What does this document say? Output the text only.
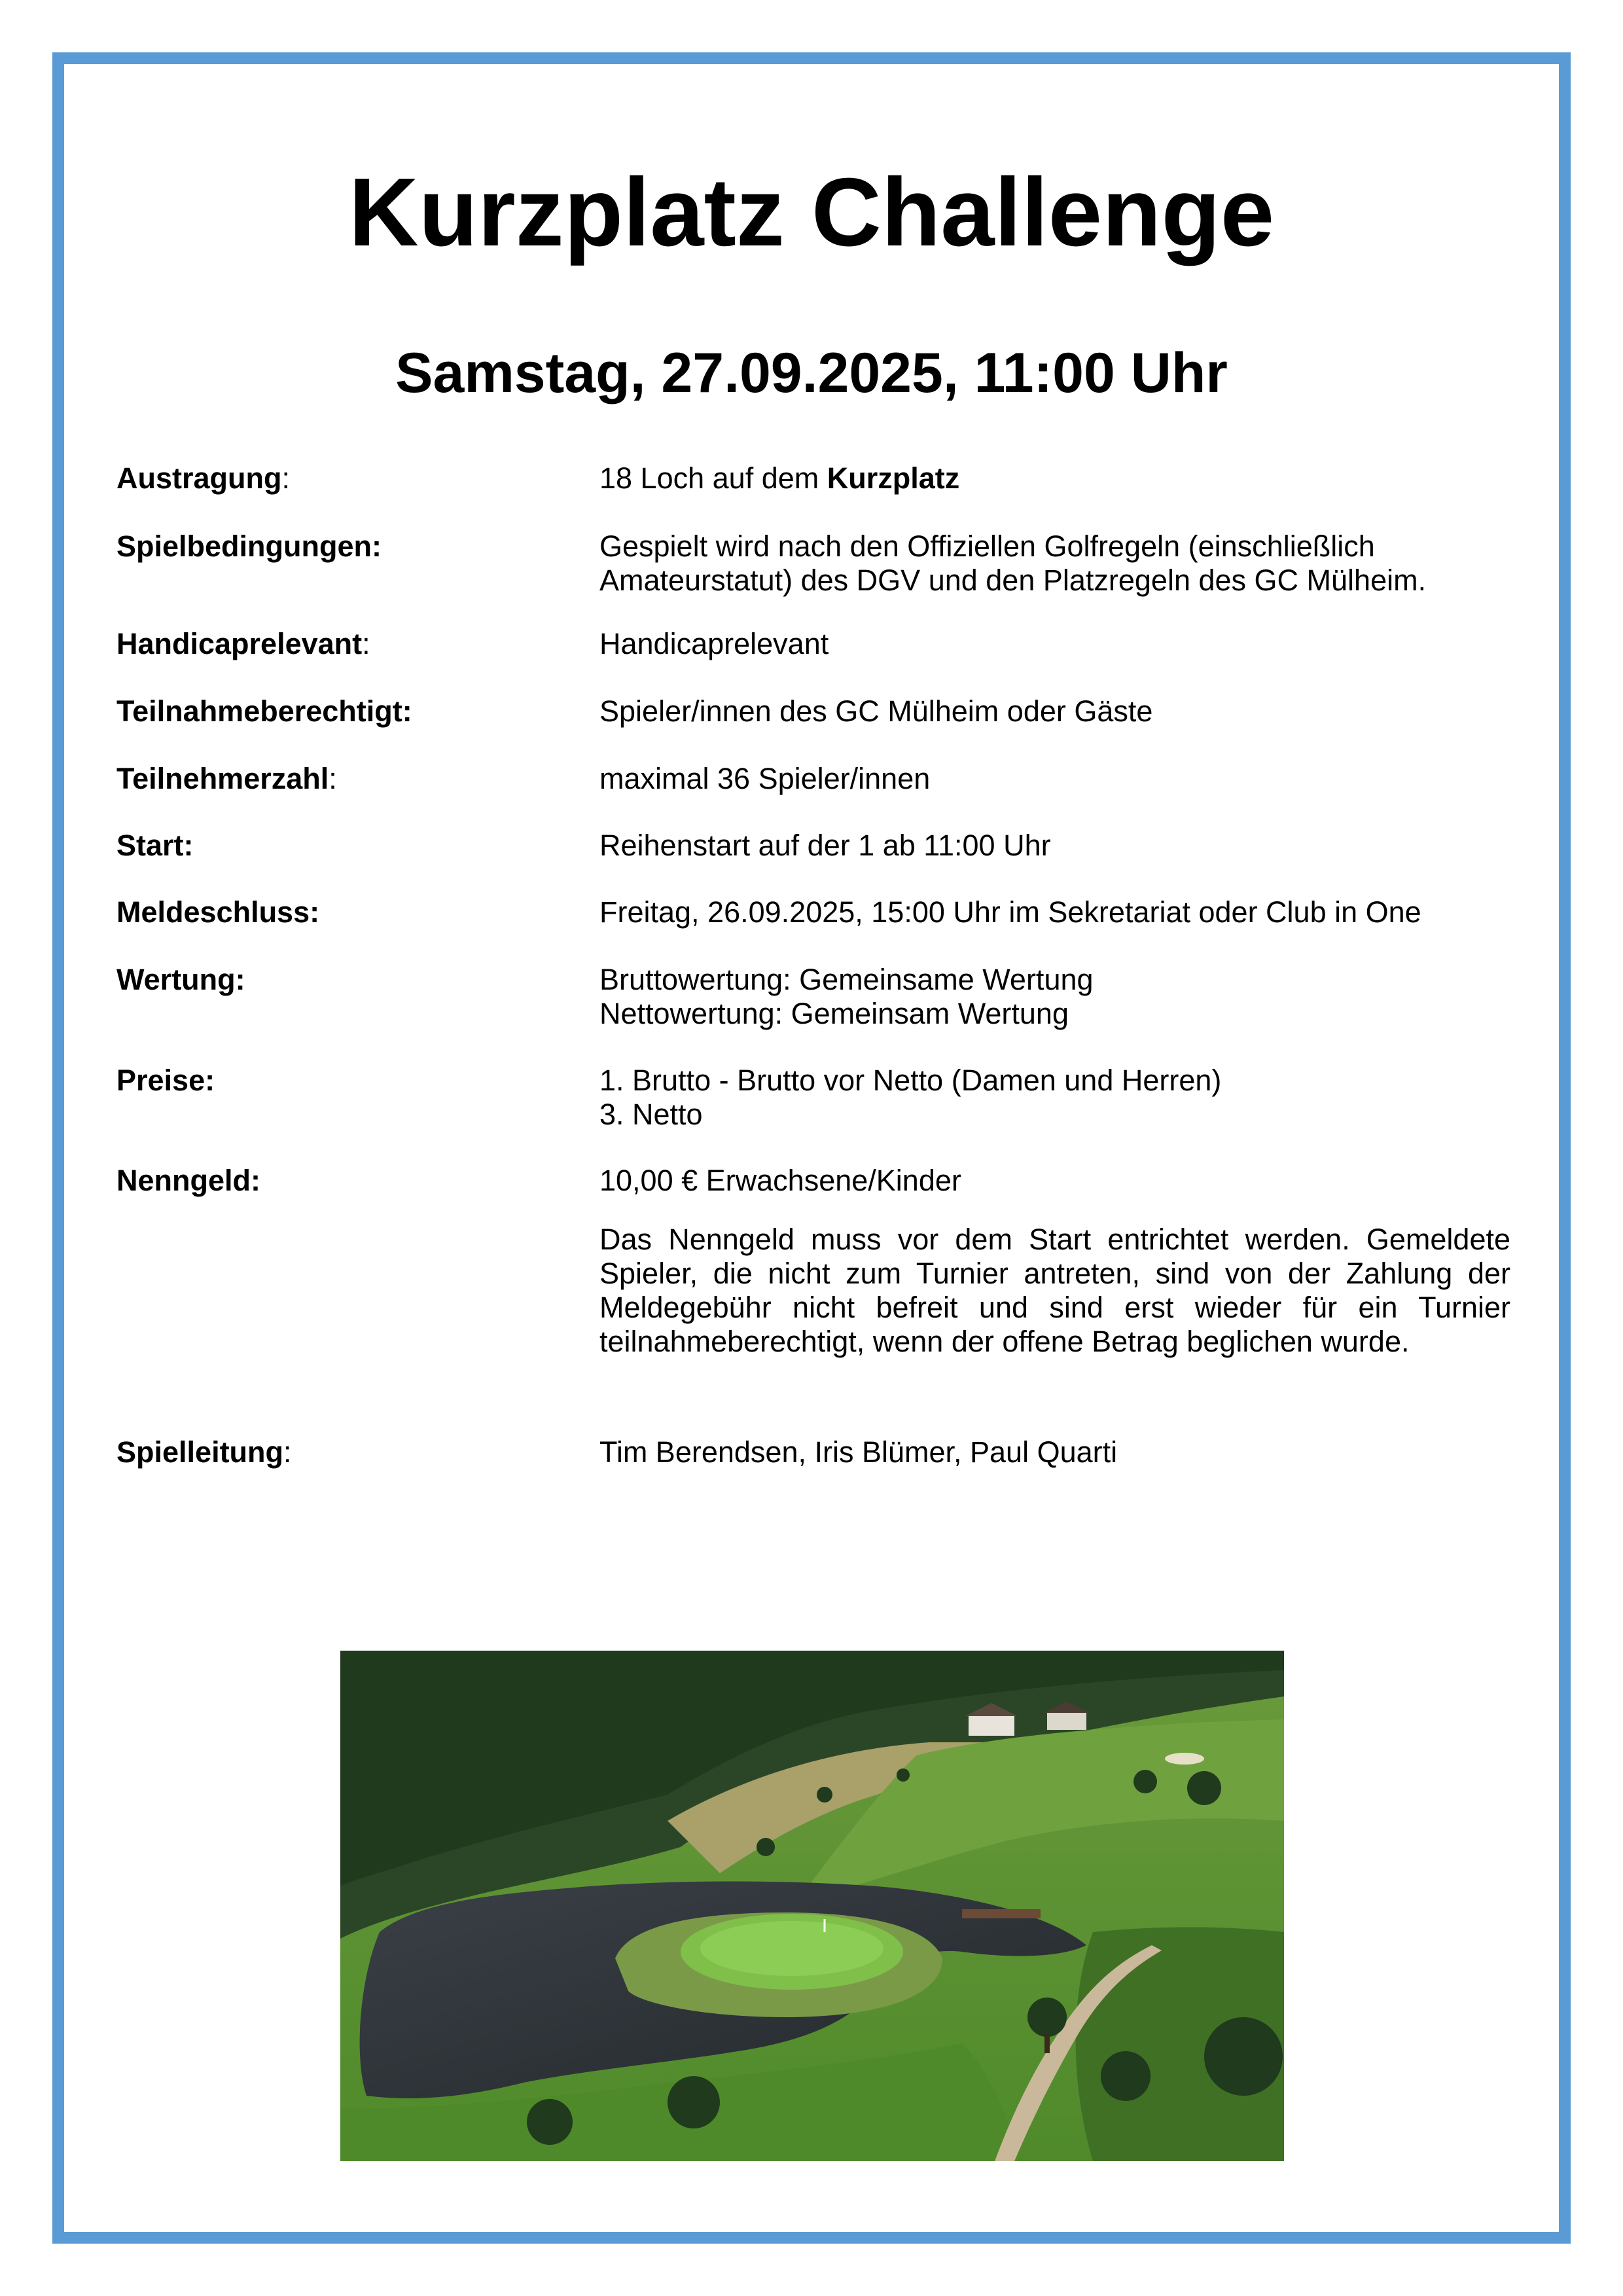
Kurzplatz Challenge
Samstag, 27.09.2025, 11:00 Uhr
Austragung:	18 Loch auf dem Kurzplatz
Spielbedingungen:	Gespielt wird nach den Offiziellen Golfregeln (einschließlich
Amateurstatut) des DGV und den Platzregeln des GC Mülheim.
Handicaprelevant:	Handicaprelevant
Teilnahmeberechtigt:	Spieler/innen des GC Mülheim oder Gäste
Teilnehmerzahl:	maximal 36 Spieler/innen
Start:	Reihenstart auf der 1 ab 11:00 Uhr
Meldeschluss:	Freitag, 26.09.2025, 15:00 Uhr im Sekretariat oder Club in One
Wertung:	Bruttowertung: Gemeinsame Wertung
Nettowertung: Gemeinsam Wertung
Preise:	1. Brutto - Brutto vor Netto (Damen und Herren)
3. Netto
Nenngeld:	10,00 € Erwachsene/Kinder
Das Nenngeld muss vor dem Start entrichtet werden. Gemeldete Spieler, die nicht zum Turnier antreten, sind von der Zahlung der Meldegebühr nicht befreit und sind erst wieder für ein Turnier teilnahmeberechtigt, wenn der offene Betrag beglichen wurde.
Spielleitung:	Tim Berendsen, Iris Blümer, Paul Quarti
